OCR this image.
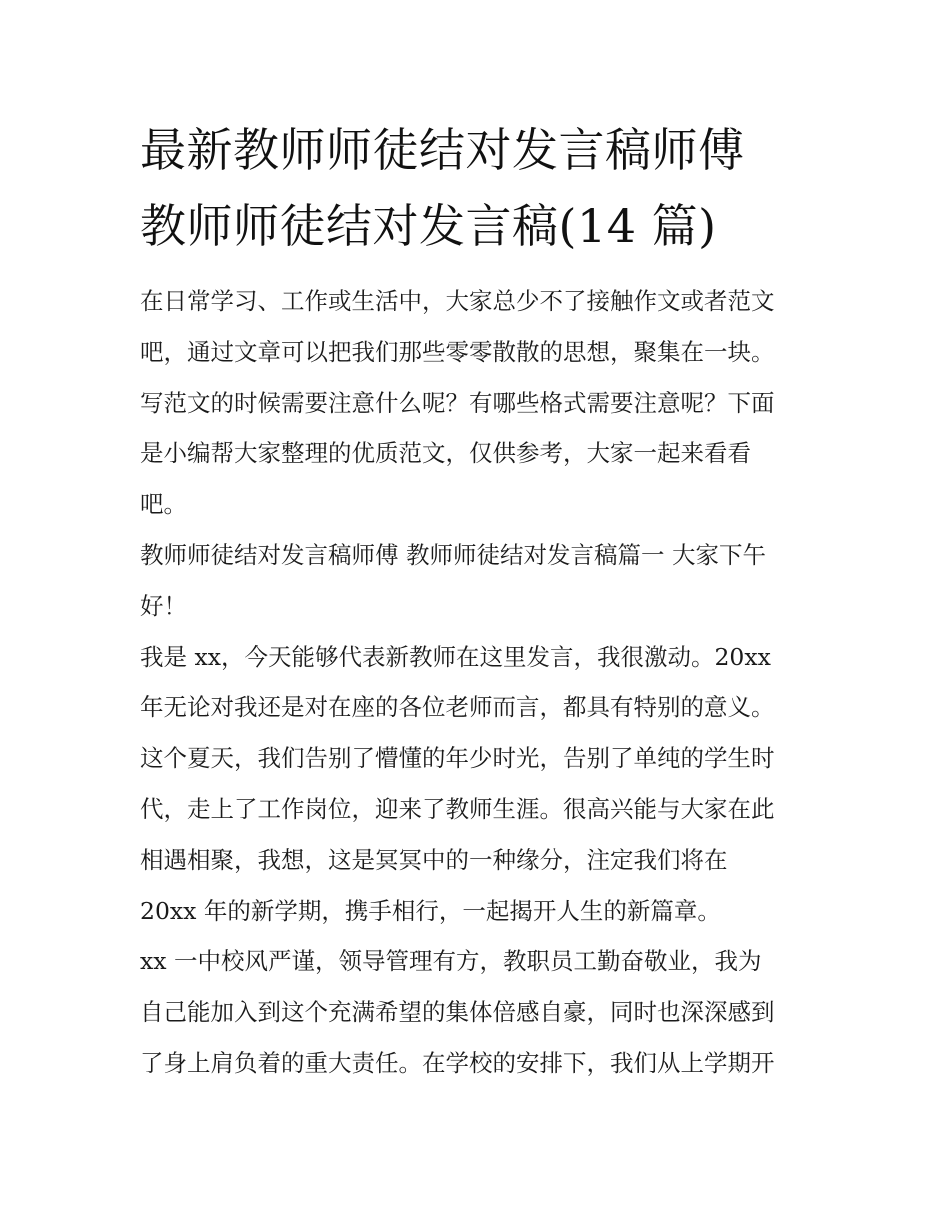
最新教师师徒结对发言稿师傅
教师师徒结对发言稿(14 篇)
在日常学习、工作或生活中，大家总少不了接触作文或者范文
吧，通过文章可以把我们那些零零散散的思想，聚集在一块。
写范文的时候需要注意什么呢？有哪些格式需要注意呢？下面
是小编帮大家整理的优质范文，仅供参考，大家一起来看看
吧。
教师师徒结对发言稿师傅 教师师徒结对发言稿篇一 大家下午
好！
我是 xx，今天能够代表新教师在这里发言，我很激动。20xx
年无论对我还是对在座的各位老师而言，都具有特别的意义。
这个夏天，我们告别了懵懂的年少时光，告别了单纯的学生时
代，走上了工作岗位，迎来了教师生涯。很高兴能与大家在此
相遇相聚，我想，这是冥冥中的一种缘分，注定我们将在
20xx 年的新学期，携手相行，一起揭开人生的新篇章。
xx 一中校风严谨，领导管理有方，教职员工勤奋敬业，我为
自己能加入到这个充满希望的集体倍感自豪，同时也深深感到
了身上肩负着的重大责任。在学校的安排下，我们从上学期开
